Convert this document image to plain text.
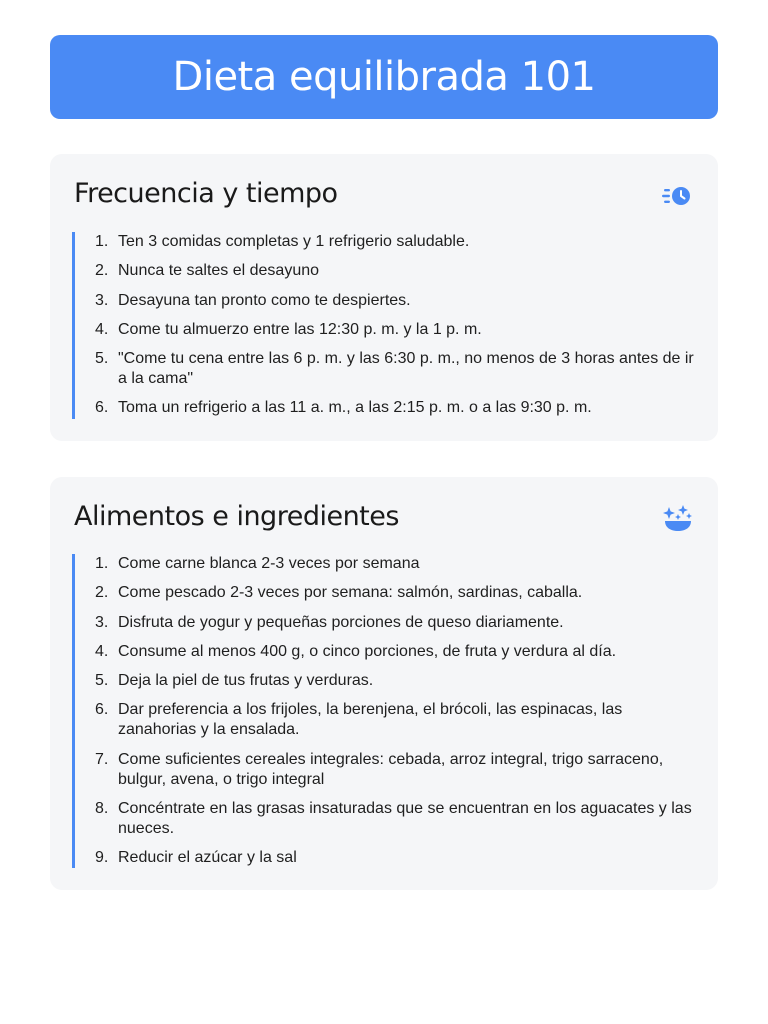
Dieta equilibrada 101
Frecuencia y tiempo
1. Ten 3 comidas completas y 1 refrigerio saludable.
2. Nunca te saltes el desayuno
3. Desayuna tan pronto como te despiertes.
4. Come tu almuerzo entre las 12:30 p. m. y la 1 p. m.
5. "Come tu cena entre las 6 p. m. y las 6:30 p. m., no menos de 3 horas antes de ir a la cama"
6. Toma un refrigerio a las 11 a. m., a las 2:15 p. m. o a las 9:30 p. m.
Alimentos e ingredientes
1. Come carne blanca 2-3 veces por semana
2. Come pescado 2-3 veces por semana: salmón, sardinas, caballa.
3. Disfruta de yogur y pequeñas porciones de queso diariamente.
4. Consume al menos 400 g, o cinco porciones, de fruta y verdura al día.
5. Deja la piel de tus frutas y verduras.
6. Dar preferencia a los frijoles, la berenjena, el brócoli, las espinacas, las zanahorias y la ensalada.
7. Come suficientes cereales integrales: cebada, arroz integral, trigo sarraceno, bulgur, avena, o trigo integral
8. Concéntrate en las grasas insaturadas que se encuentran en los aguacates y las nueces.
9. Reducir el azúcar y la sal
